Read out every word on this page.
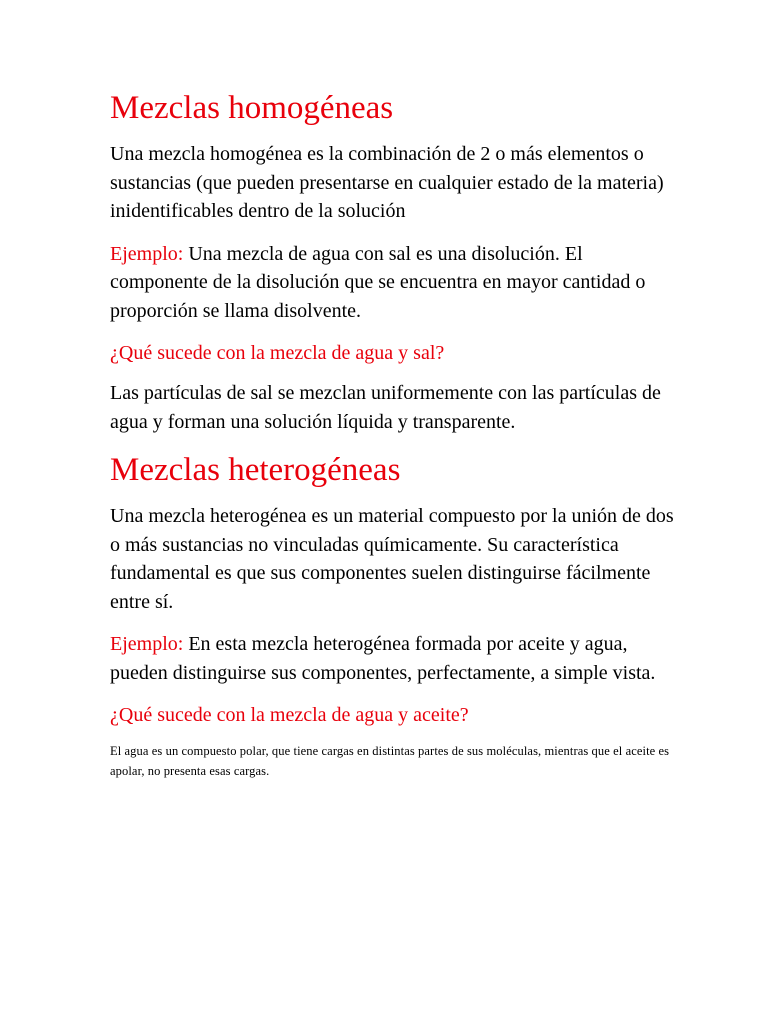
Mezclas homogéneas

Una mezcla homogénea es la combinación de 2 o más elementos o sustancias (que pueden presentarse en cualquier estado de la materia) inidentificables dentro de la solución

Ejemplo: Una mezcla de agua con sal es una disolución. El componente de la disolución que se encuentra en mayor cantidad o proporción se llama disolvente.

¿Qué sucede con la mezcla de agua y sal?

Las partículas de sal se mezclan uniformemente con las partículas de agua y forman una solución líquida y transparente.

Mezclas heterogéneas

Una mezcla heterogénea es un material compuesto por la unión de dos o más sustancias no vinculadas químicamente. Su característica fundamental es que sus componentes suelen distinguirse fácilmente entre sí.

Ejemplo: En esta mezcla heterogénea formada por aceite y agua, pueden distinguirse sus componentes, perfectamente, a simple vista.

¿Qué sucede con la mezcla de agua y aceite?

El agua es un compuesto polar, que tiene cargas en distintas partes de sus moléculas, mientras que el aceite es apolar, no presenta esas cargas.
